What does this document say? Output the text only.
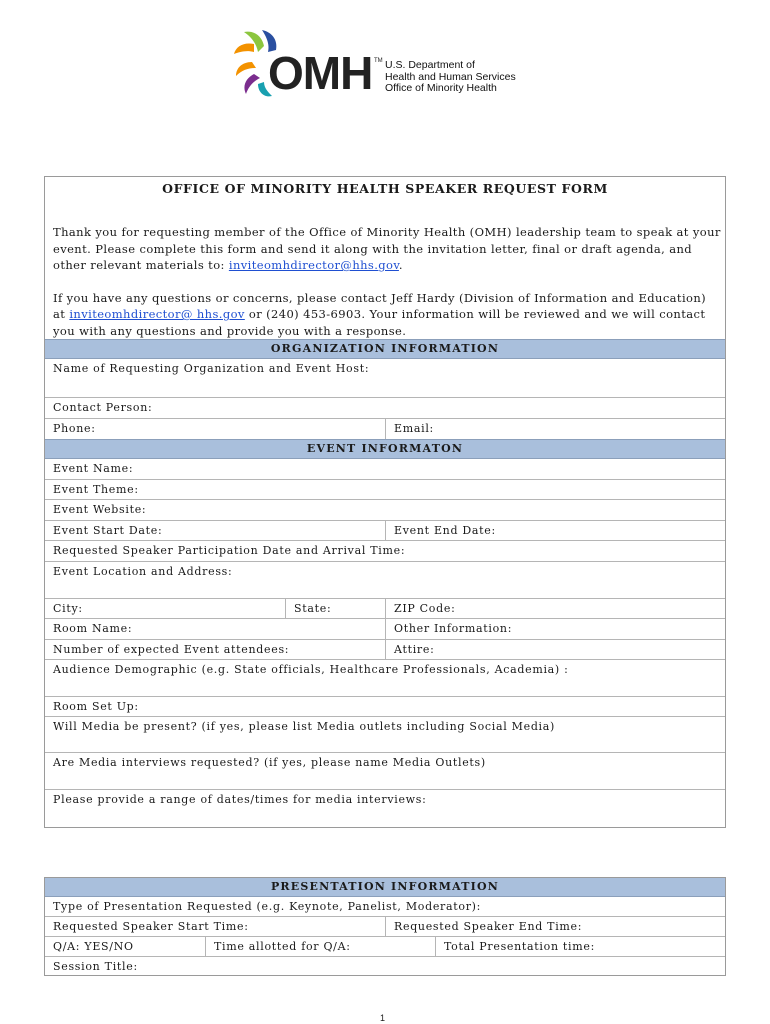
OMH TM U.S. Department of
Health and Human Services
Office of Minority Health
OFFICE OF MINORITY HEALTH SPEAKER REQUEST FORM

Thank you for requesting member of the Office of Minority Health (OMH) leadership team to speak at your event. Please complete this form and send it along with the invitation letter, final or draft agenda, and other relevant materials to: inviteomhdirector@hhs.gov.

If you have any questions or concerns, please contact Jeff Hardy (Division of Information and Education) at inviteomhdirector@ hhs.gov or (240) 453-6903. Your information will be reviewed and we will contact you with any questions and provide you with a response.

ORGANIZATION INFORMATION
Name of Requesting Organization and Event Host:
Contact Person:
Phone:	Email:
EVENT INFORMATON
Event Name:
Event Theme:
Event Website:
Event Start Date:	Event End Date:
Requested Speaker Participation Date and Arrival Time:
Event Location and Address:
City:	State:	ZIP Code:
Room Name:	Other Information:
Number of expected Event attendees:	Attire:
Audience Demographic (e.g. State officials, Healthcare Professionals, Academia) :
Room Set Up:
Will Media be present? (if yes, please list Media outlets including Social Media)
Are Media interviews requested? (if yes, please name Media Outlets)
Please provide a range of dates/times for media interviews:
PRESENTATION INFORMATION
Type of Presentation Requested (e.g. Keynote, Panelist, Moderator):
Requested Speaker Start Time:	Requested Speaker End Time:
Q/A: YES/NO	Time allotted for Q/A:	Total Presentation time:
Session Title:
1
